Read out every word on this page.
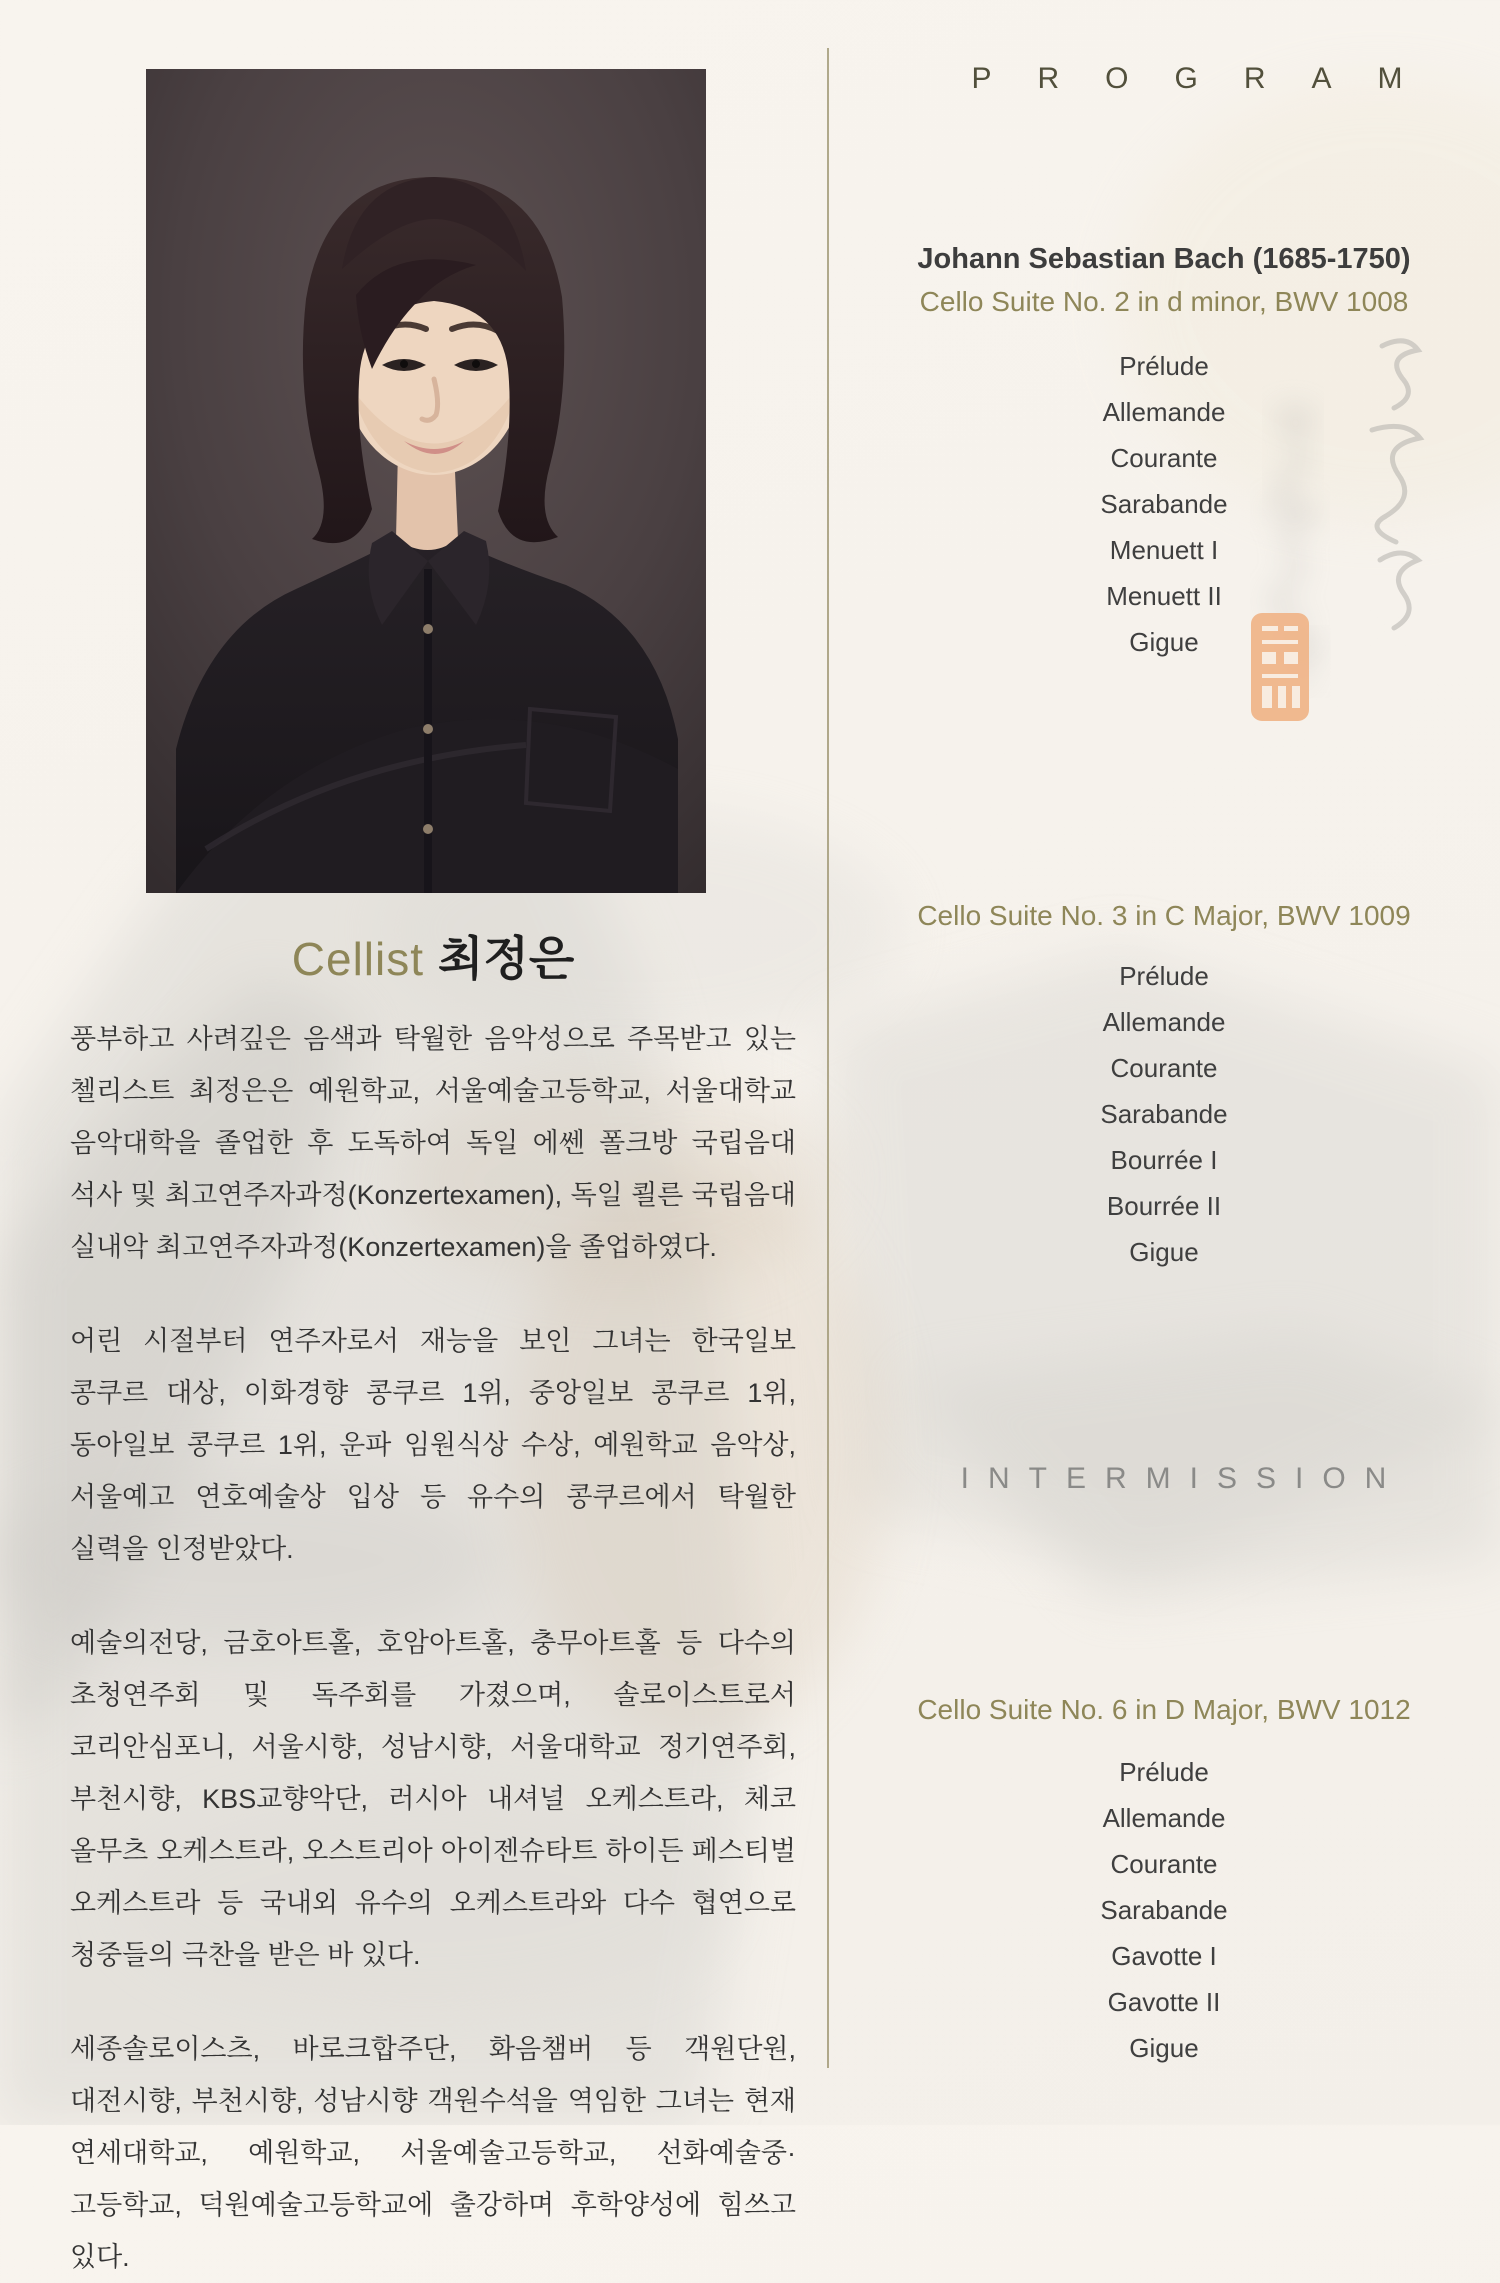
Cellist 최정은

풍부하고 사려깊은 음색과 탁월한 음악성으로 주목받고 있는 첼리스트 최정은은 예원학교, 서울예술고등학교, 서울대학교 음악대학을 졸업한 후 도독하여 독일 에쎈 폴크방 국립음대 석사 및 최고연주자과정(Konzertexamen), 독일 쾰른 국립음대 실내악 최고연주자과정(Konzertexamen)을 졸업하였다.

어린 시절부터 연주자로서 재능을 보인 그녀는 한국일보 콩쿠르 대상, 이화경향 콩쿠르 1위, 중앙일보 콩쿠르 1위, 동아일보 콩쿠르 1위, 운파 임원식상 수상, 예원학교 음악상, 서울예고 연호예술상 입상 등 유수의 콩쿠르에서 탁월한 실력을 인정받았다.

예술의전당, 금호아트홀, 호암아트홀, 충무아트홀 등 다수의 초청연주회 및 독주회를 가졌으며, 솔로이스트로서 코리안심포니, 서울시향, 성남시향, 서울대학교 정기연주회, 부천시향, KBS교향악단, 러시아 내셔널 오케스트라, 체코 올무츠 오케스트라, 오스트리아 아이젠슈타트 하이든 페스티벌 오케스트라 등 국내외 유수의 오케스트라와 다수 협연으로 청중들의 극찬을 받은 바 있다.

세종솔로이스츠, 바로크합주단, 화음챔버 등 객원단원, 대전시향, 부천시향, 성남시향 객원수석을 역임한 그녀는 현재 연세대학교, 예원학교, 서울예술고등학교, 선화예술중·고등학교, 덕원예술고등학교에 출강하며 후학양성에 힘쓰고 있다.

PROGRAM
Johann Sebastian Bach (1685-1750)
Cello Suite No. 2 in d minor, BWV 1008
Prélude
Allemande
Courante
Sarabande
Menuett I
Menuett II
Gigue
Cello Suite No. 3 in C Major, BWV 1009
Prélude
Allemande
Courante
Sarabande
Bourrée I
Bourrée II
Gigue
INTERMISSION
Cello Suite No. 6 in D Major, BWV 1012
Prélude
Allemande
Courante
Sarabande
Gavotte I
Gavotte II
Gigue
